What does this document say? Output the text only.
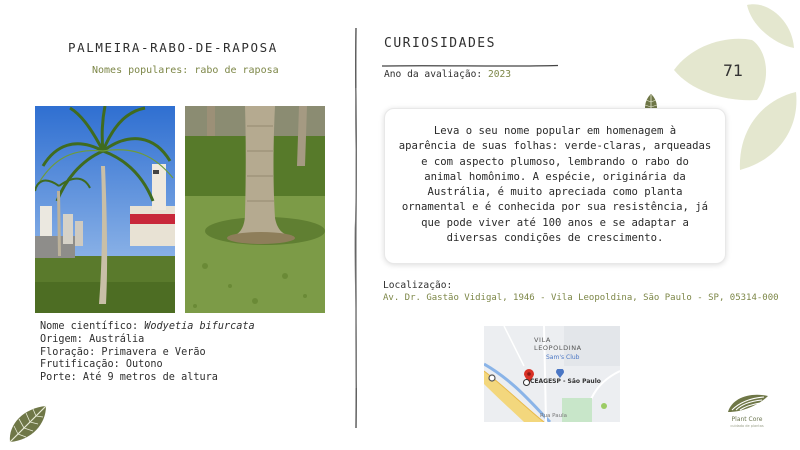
PALMEIRA-RABO-DE-RAPOSA
Nomes populares: rabo de raposa
Nome científico: Wodyetia bifurcata
Origem: Austrália
Floração: Primavera e Verão
Frutificação: Outono
Porte: Até 9 metros de altura
CURIOSIDADES
Ano da avaliação: 2023	71
Leva o seu nome popular em homenagem à
aparência de suas folhas: verde-claras, arqueadas
e com aspecto plumoso, lembrando o rabo do
animal homônimo. A espécie, originária da
Austrália, é muito apreciada como planta
ornamental e é conhecida por sua resistência, já
que pode viver até 100 anos e se adaptar a
diversas condições de crescimento.
Localização:
Av. Dr. Gastão Vidigal, 1946 - Vila Leopoldina, São Paulo - SP, 05314-000
VILA
LEOPOLDINA
Sam's Club
CEAGESP - São Paulo
Rua Paula	Plant Core
cuidado de plantas
